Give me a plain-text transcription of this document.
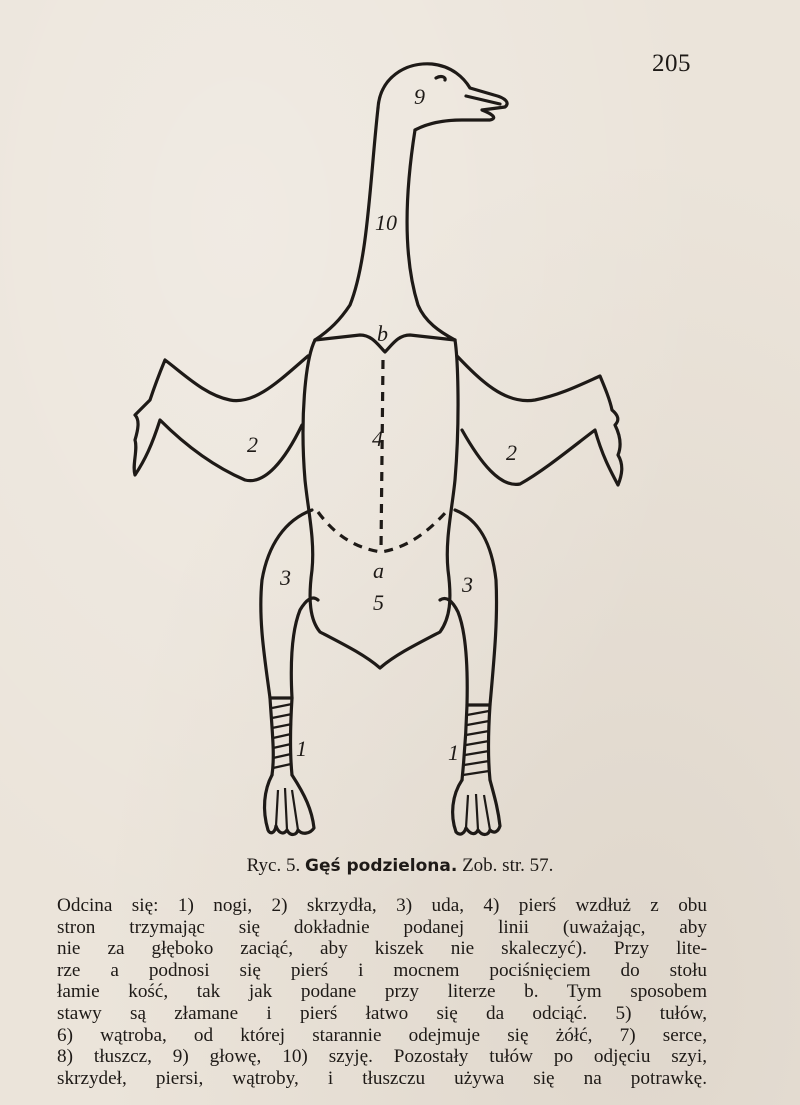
205
9
10
b
4
2	2
a
5
3	3
1	1
Ryc. 5. Gęś podzielona. Zob. str. 57.
Odcina się: 1) nogi, 2) skrzydła, 3) uda, 4) pierś wzdłuż z obu
stron trzymając się dokładnie podanej linii (uważając, aby
nie za głęboko zaciąć, aby kiszek nie skaleczyć). Przy lite-
rze a podnosi się pierś i mocnem pociśnięciem do stołu
łamie kość, tak jak podane przy literze b. Tym sposobem
stawy są złamane i pierś łatwo się da odciąć. 5) tułów,
6) wątroba, od której starannie odejmuje się żółć, 7) serce,
8) tłuszcz, 9) głowę, 10) szyję. Pozostały tułów po odjęciu szyi,
skrzydeł, piersi, wątroby, i tłuszczu używa się na potrawkę.
